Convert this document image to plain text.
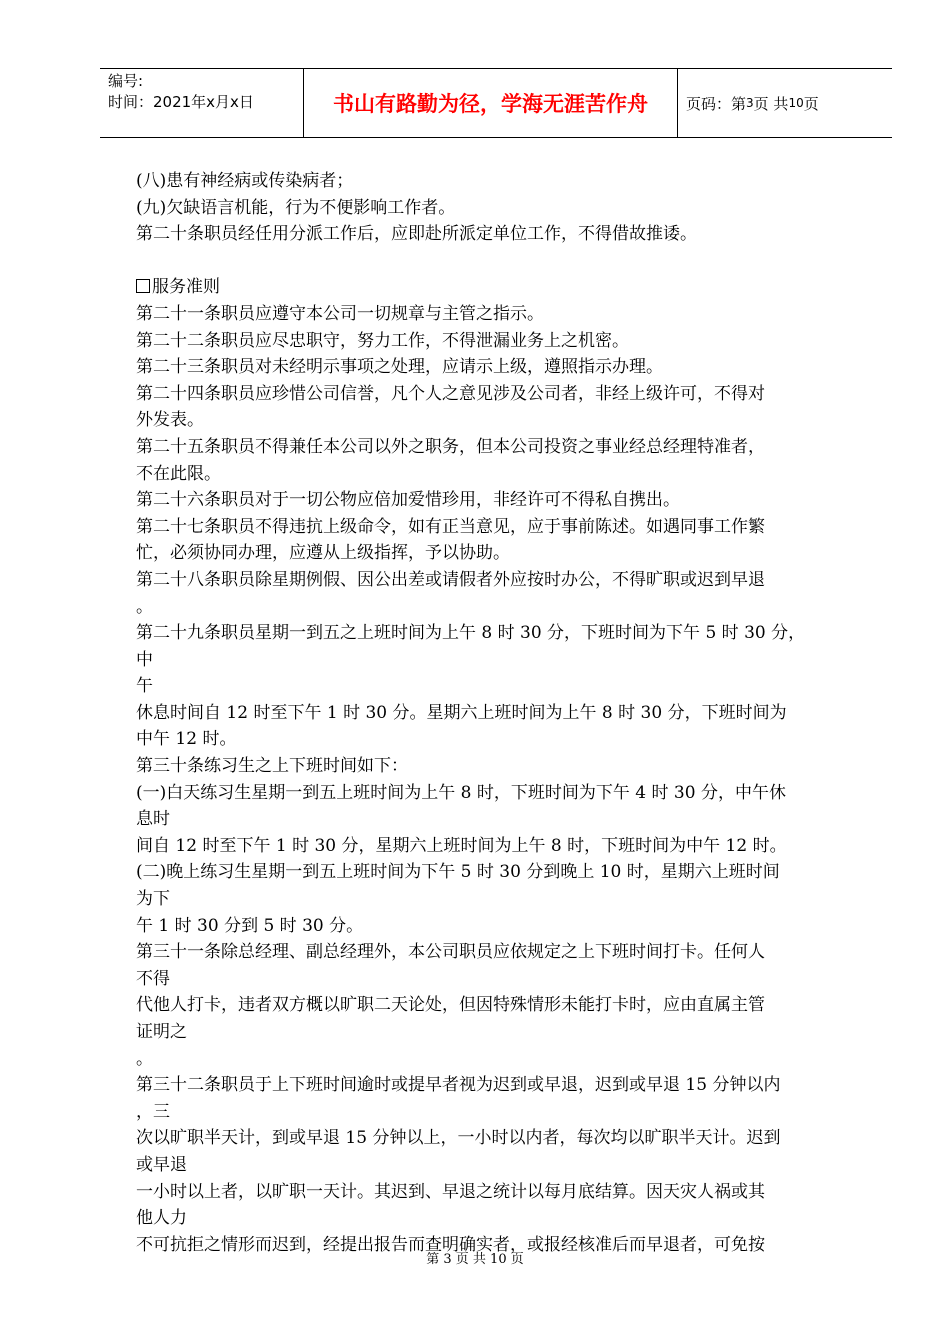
编号:
时间：2021年x月x日	书山有路勤为径，学海无涯苦作舟	页码：第 3 页 共 10 页
(八)患有神经病或传染病者；
(九)欠缺语言机能，行为不便影响工作者。
第二十条职员经任用分派工作后，应即赴所派定单位工作，不得借故推诿。
服务准则
第二十一条职员应遵守本公司一切规章与主管之指示。
第二十二条职员应尽忠职守，努力工作，不得泄漏业务上之机密。
第二十三条职员对未经明示事项之处理，应请示上级，遵照指示办理。
第二十四条职员应珍惜公司信誉，凡个人之意见涉及公司者，非经上级许可，不得对
外发表。
第二十五条职员不得兼任本公司以外之职务，但本公司投资之事业经总经理特准者，
不在此限。
第二十六条职员对于一切公物应倍加爱惜珍用，非经许可不得私自携出。
第二十七条职员不得违抗上级命令，如有正当意见，应于事前陈述。如遇同事工作繁
忙，必须协同办理，应遵从上级指挥，予以协助。
第二十八条职员除星期例假、因公出差或请假者外应按时办公，不得旷职或迟到早退
。
第二十九条职员星期一到五之上班时间为上午 8 时 30 分，下班时间为下午 5 时 30 分，
中
午
休息时间自 12 时至下午 1 时 30 分。星期六上班时间为上午 8 时 30 分，下班时间为
中午 12 时。
第三十条练习生之上下班时间如下：
(一)白天练习生星期一到五上班时间为上午 8 时，下班时间为下午 4 时 30 分，中午休
息时
间自 12 时至下午 1 时 30 分，星期六上班时间为上午 8 时，下班时间为中午 12 时。
(二)晚上练习生星期一到五上班时间为下午 5 时 30 分到晚上 10 时，星期六上班时间
为下
午 1 时 30 分到 5 时 30 分。
第三十一条除总经理、副总经理外，本公司职员应依规定之上下班时间打卡。任何人
不得
代他人打卡，违者双方概以旷职二天论处，但因特殊情形未能打卡时，应由直属主管
证明之
。
第三十二条职员于上下班时间逾时或提早者视为迟到或早退，迟到或早退 15 分钟以内
，三
次以旷职半天计，到或早退 15 分钟以上，一小时以内者，每次均以旷职半天计。迟到
或早退
一小时以上者，以旷职一天计。其迟到、早退之统计以每月底结算。因天灾人祸或其
他人力
不可抗拒之情形而迟到，经提出报告而查明确实者，或报经核准后而早退者，可免按
第 3 页 共 10 页
